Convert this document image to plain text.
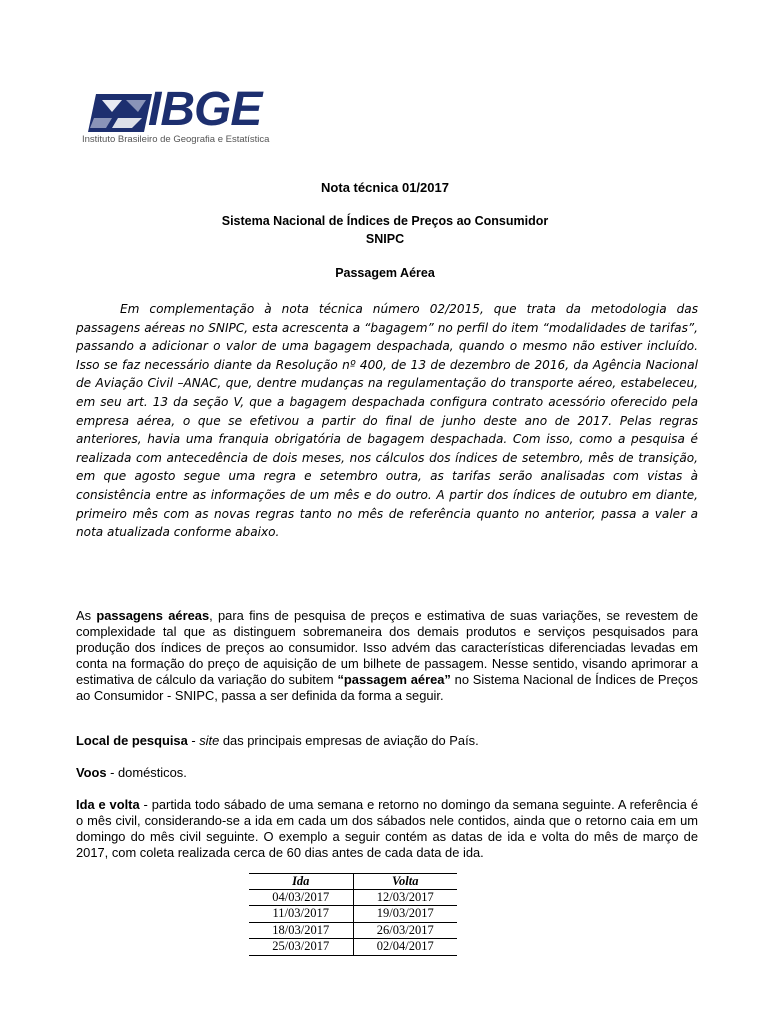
IBGE
Instituto Brasileiro de Geografia e Estatística
Nota técnica 01/2017
Sistema Nacional de Índices de Preços ao Consumidor
SNIPC
Passagem Aérea

Em complementação à nota técnica número 02/2015, que trata da metodologia das passagens aéreas no SNIPC, esta acrescenta a “bagagem” no perfil do item “modalidades de tarifas”, passando a adicionar o valor de uma bagagem despachada, quando o mesmo não estiver incluído. Isso se faz necessário diante da Resolução nº 400, de 13 de dezembro de 2016, da Agência Nacional de Aviação Civil –ANAC, que, dentre mudanças na regulamentação do transporte aéreo, estabeleceu, em seu art. 13 da seção V, que a bagagem despachada configura contrato acessório oferecido pela empresa aérea, o que se efetivou a partir do final de junho deste ano de 2017. Pelas regras anteriores, havia uma franquia obrigatória de bagagem despachada. Com isso, como a pesquisa é realizada com antecedência de dois meses, nos cálculos dos índices de setembro, mês de transição, em que agosto segue uma regra e setembro outra, as tarifas serão analisadas com vistas à consistência entre as informações de um mês e do outro. A partir dos índices de outubro em diante, primeiro mês com as novas regras tanto no mês de referência quanto no anterior, passa a valer a nota atualizada conforme abaixo.

As passagens aéreas, para fins de pesquisa de preços e estimativa de suas variações, se revestem de complexidade tal que as distinguem sobremaneira dos demais produtos e serviços pesquisados para produção dos índices de preços ao consumidor. Isso advém das características diferenciadas levadas em conta na formação do preço de aquisição de um bilhete de passagem. Nesse sentido, visando aprimorar a estimativa de cálculo da variação do subitem “passagem aérea” no Sistema Nacional de Índices de Preços ao Consumidor - SNIPC, passa a ser definida da forma a seguir.

Local de pesquisa - site das principais empresas de aviação do País.

Voos - domésticos.

Ida e volta - partida todo sábado de uma semana e retorno no domingo da semana seguinte. A referência é o mês civil, considerando-se a ida em cada um dos sábados nele contidos, ainda que o retorno caia em um domingo do mês civil seguinte. O exemplo a seguir contém as datas de ida e volta do mês de março de 2017, com coleta realizada cerca de 60 dias antes de cada data de ida.

Ida	Volta
04/03/2017	12/03/2017
11/03/2017	19/03/2017
18/03/2017	26/03/2017
25/03/2017	02/04/2017
